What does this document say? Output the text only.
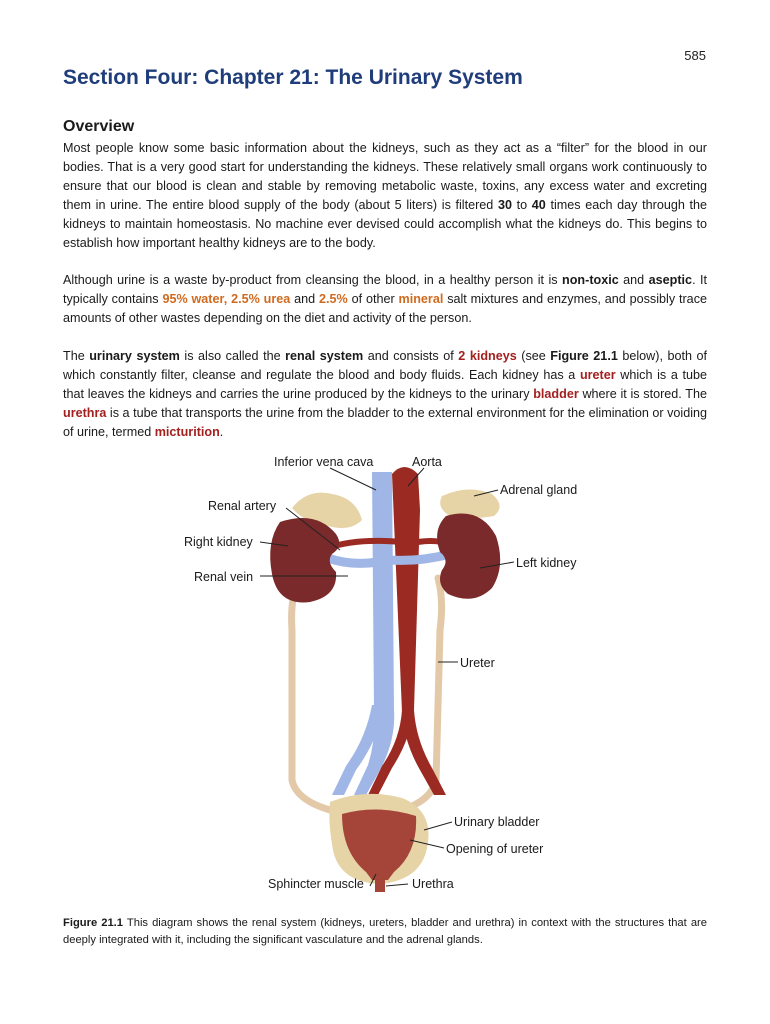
585
Section Four: Chapter 21: The Urinary System
Overview

Most people know some basic information about the kidneys, such as they act as a “filter” for the blood in our bodies. That is a very good start for understanding the kidneys. These relatively small organs work continuously to ensure that our blood is clean and stable by removing metabolic waste, toxins, any excess water and excreting them in urine. The entire blood supply of the body (about 5 liters) is filtered 30 to 40 times each day through the kidneys to maintain homeostasis. No machine ever devised could accomplish what the kidneys do. This begins to establish how important healthy kidneys are to the body.

Although urine is a waste by-product from cleansing the blood, in a healthy person it is non-toxic and aseptic. It typically contains 95% water, 2.5% urea and 2.5% of other mineral salt mixtures and enzymes, and possibly trace amounts of other wastes depending on the diet and activity of the person.

The urinary system is also called the renal system and consists of 2 kidneys (see Figure 21.1 below), both of which constantly filter, cleanse and regulate the blood and body fluids. Each kidney has a ureter which is a tube that leaves the kidneys and carries the urine produced by the kidneys to the urinary bladder where it is stored. The urethra is a tube that transports the urine from the bladder to the external environment for the elimination or voiding of urine, termed micturition.

Inferior vena cava	Aorta
Adrenal gland
Renal artery
Right kidney
Left kidney
Renal vein
Ureter
Urinary bladder
Opening of ureter
Sphincter muscle	Urethra

Figure 21.1 This diagram shows the renal system (kidneys, ureters, bladder and urethra) in context with the structures that are deeply integrated with it, including the significant vasculature and the adrenal glands.
